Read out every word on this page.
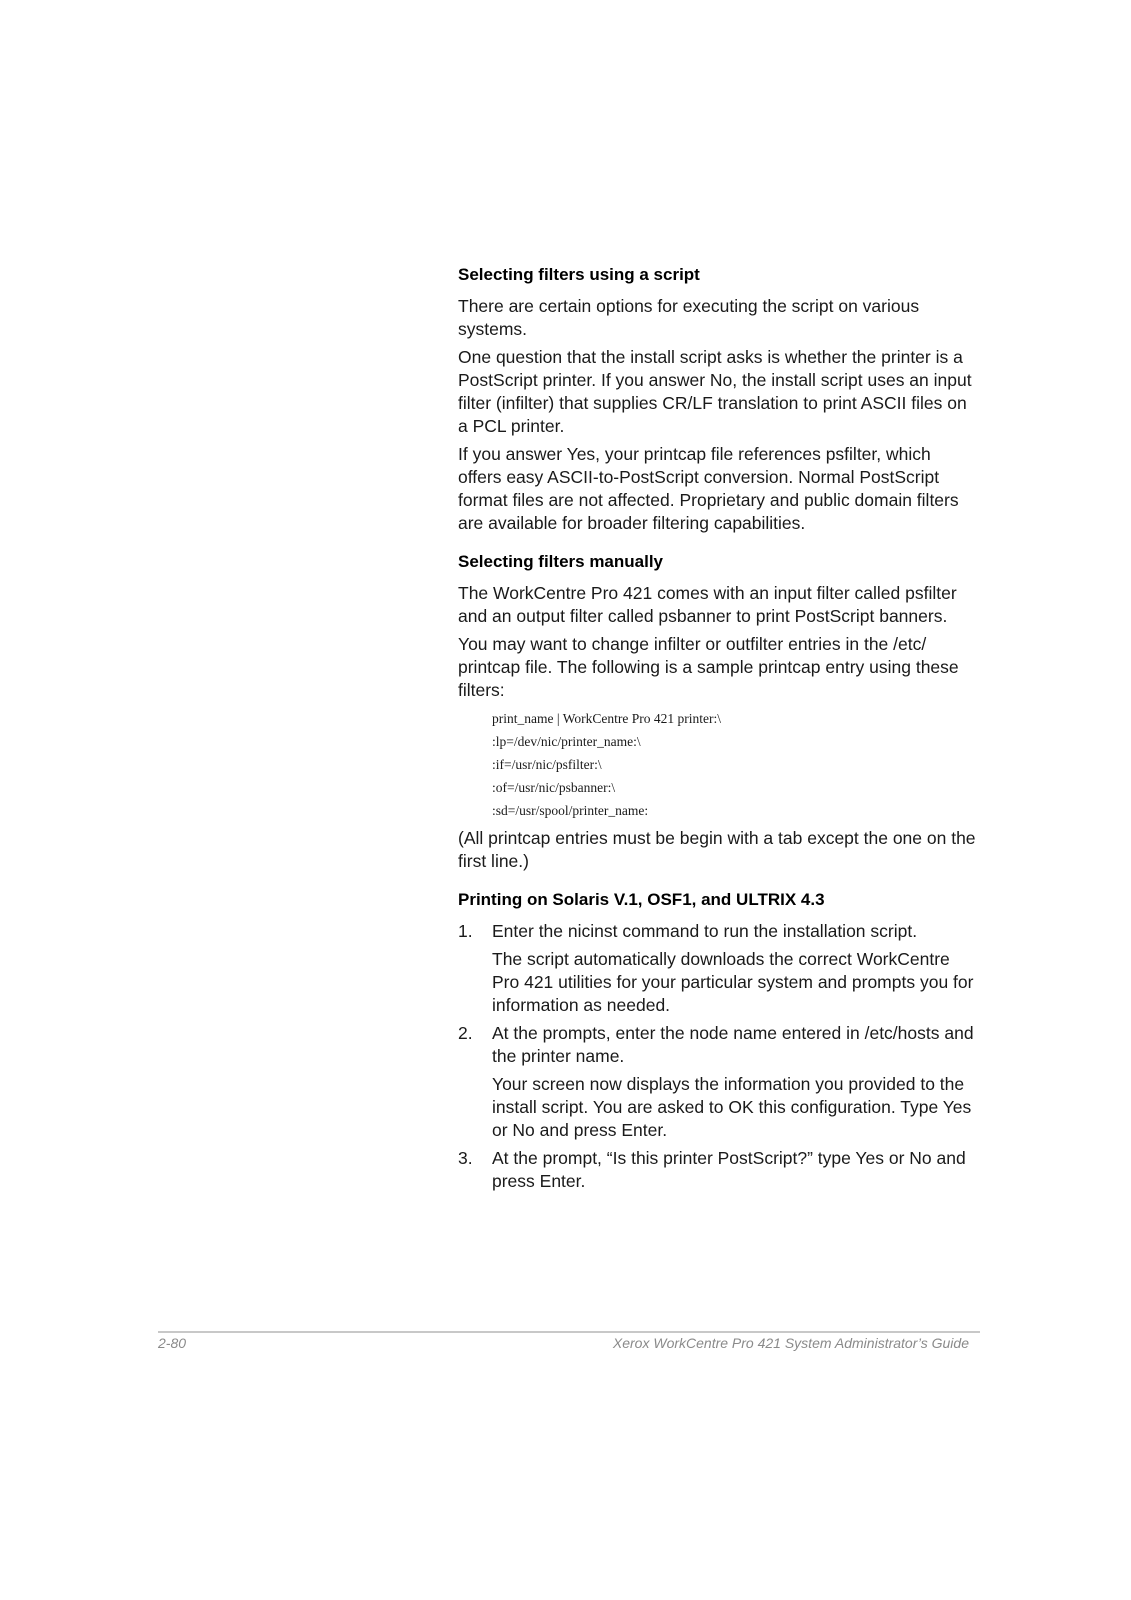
Selecting filters using a script

There are certain options for executing the script on various systems.

One question that the install script asks is whether the printer is a PostScript printer. If you answer No, the install script uses an input filter (infilter) that supplies CR/LF translation to print ASCII files on a PCL printer.

If you answer Yes, your printcap file references psfilter, which offers easy ASCII-to-PostScript conversion. Normal PostScript format files are not affected. Proprietary and public domain filters are available for broader filtering capabilities.

Selecting filters manually

The WorkCentre Pro 421 comes with an input filter called psfilter and an output filter called psbanner to print PostScript banners.

You may want to change infilter or outfilter entries in the /etc/ printcap file. The following is a sample printcap entry using these filters:

print_name | WorkCentre Pro 421 printer:\
:lp=/dev/nic/printer_name:\
:if=/usr/nic/psfilter:\
:of=/usr/nic/psbanner:\
:sd=/usr/spool/printer_name:

(All printcap entries must be begin with a tab except the one on the first line.)

Printing on Solaris V.1, OSF1, and ULTRIX 4.3
1. Enter the nicinst command to run the installation script.

The script automatically downloads the correct WorkCentre Pro 421 utilities for your particular system and prompts you for information as needed.

2. At the prompts, enter the node name entered in /etc/hosts and the printer name.

Your screen now displays the information you provided to the install script. You are asked to OK this configuration. Type Yes or No and press Enter.

3. At the prompt, “Is this printer PostScript?” type Yes or No and press Enter.

2-80	Xerox WorkCentre Pro 421 System Administrator’s Guide
